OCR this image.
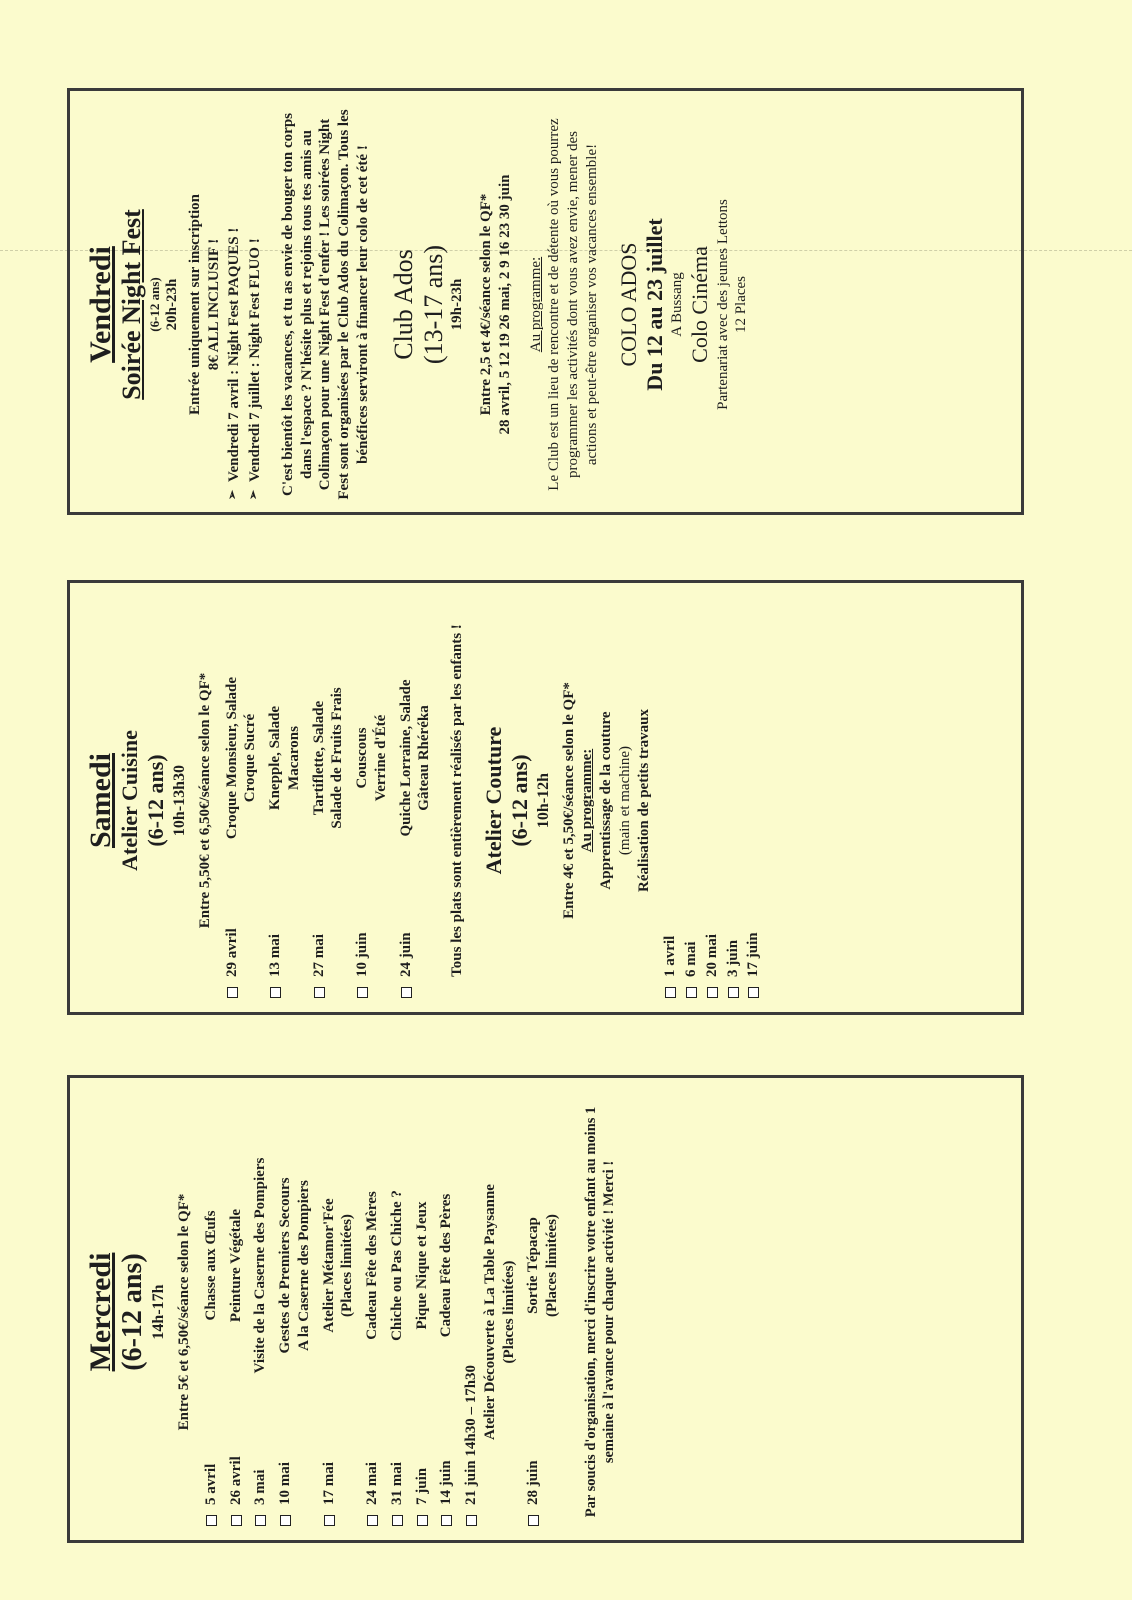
Mercredi (6-12 ans) 14h-17h Entre 5€ et 6,50€/séance selon le QF*
5 avril
Chasse aux Œufs
26 avril
Peinture Végétale
3 mai
Visite de la Caserne des Pompiers
10 mai
Gestes de Premiers Secours
A la Caserne des Pompiers
17 mai
Atelier Métamor'Fée
(Places limitées)
24 mai
Cadeau Fête des Mères
31 mai
Chiche ou Pas Chiche ?
7 juin
Pique Nique et Jeux
14 juin
Cadeau Fête des Pères
21 juin 14h30 – 17h30 Atelier Découverte à La Table Paysanne
(Places limitées)
28 juin
Sortie Tépacap
(Places limitées) Par soucis d'organisation, merci d'inscrire votre enfant au moins 1 semaine à l'avance pour chaque activité ! Merci !
Samedi Atelier Cuisine (6-12 ans) 10h-13h30 Entre 5,50€ et 6,50€/séance selon le QF*
29 avril
Croque Monsieur, Salade
Croque Sucré
13 mai
Knepple, Salade
Macarons
27 mai
Tartiflette, Salade
Salade de Fruits Frais
10 juin
Couscous
Verrine d'Été
24 juin
Quiche Lorraine, Salade
Gâteau Rhéréka Tous les plats sont entièrement réalisés par les enfants ! Atelier Couture (6-12 ans) 10h-12h Entre 4€ et 5,50€/séance selon le QF* Au programme: Apprentissage de la couture (main et machine) Réalisation de petits travaux
1 avril 6 mai 20 mai 3 juin 17 juin
Vendredi Soirée Night Fest (6-12 ans) 20h-23h Entrée uniquement sur inscription 8€ ALL INCLUSIF !
➢
Vendredi 7 avril : Night Fest PAQUES !
➢
Vendredi 7 juillet : Night Fest FLUO ! C'est bientôt les vacances, et tu as envie de bouger ton corps dans l'espace ? N'hésite plus et rejoins tous tes amis au Colimaçon pour une Night Fest d'enfer ! Les soirées Night Fest sont organisées par le Club Ados du Colimaçon. Tous les bénéfices serviront à financer leur colo de cet été ! Club Ados (13-17 ans) 19h-23h Entre 2,5 et 4€/séance selon le QF* 28 avril, 5 12 19 26 mai, 2 9 16 23 30 juin Au programme: Le Club est un lieu de rencontre et de détente où vous pourrez programmer les activités dont vous avez envie, mener des actions et peut-être organiser vos vacances ensemble! COLO ADOS Du 12 au 23 juillet A Bussang Colo Cinéma Partenariat avec des jeunes Lettons 12 Places
